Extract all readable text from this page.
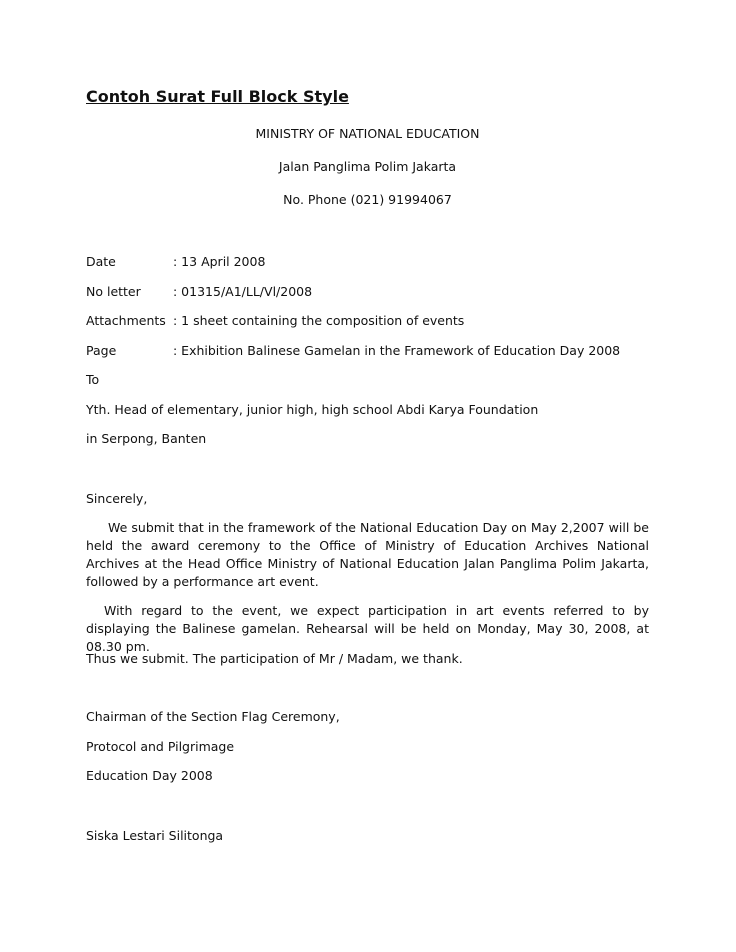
Contoh Surat Full Block Style
MINISTRY OF NATIONAL EDUCATION
Jalan Panglima Polim Jakarta
No. Phone (021) 91994067
Date	: 13 April 2008
No letter	: 01315/A1/LL/Vl/2008
Attachments : 1 sheet containing the composition of events
Page	: Exhibition Balinese Gamelan in the Framework of Education Day 2008
To
Yth. Head of elementary, junior high, high school Abdi Karya Foundation
in Serpong, Banten
Sincerely,
We submit that in the framework of the National Education Day on May 2,2007 will be held the award ceremony to the Office of Ministry of Education Archives National Archives at the Head Office Ministry of National Education Jalan Panglima Polim Jakarta, followed by a performance art event.
With regard to the event, we expect participation in art events referred to by displaying the Balinese gamelan. Rehearsal will be held on Monday, May 30, 2008, at 08.30 pm.
Thus we submit. The participation of Mr / Madam, we thank.
Chairman of the Section Flag Ceremony,
Protocol and Pilgrimage
Education Day 2008
Siska Lestari Silitonga
